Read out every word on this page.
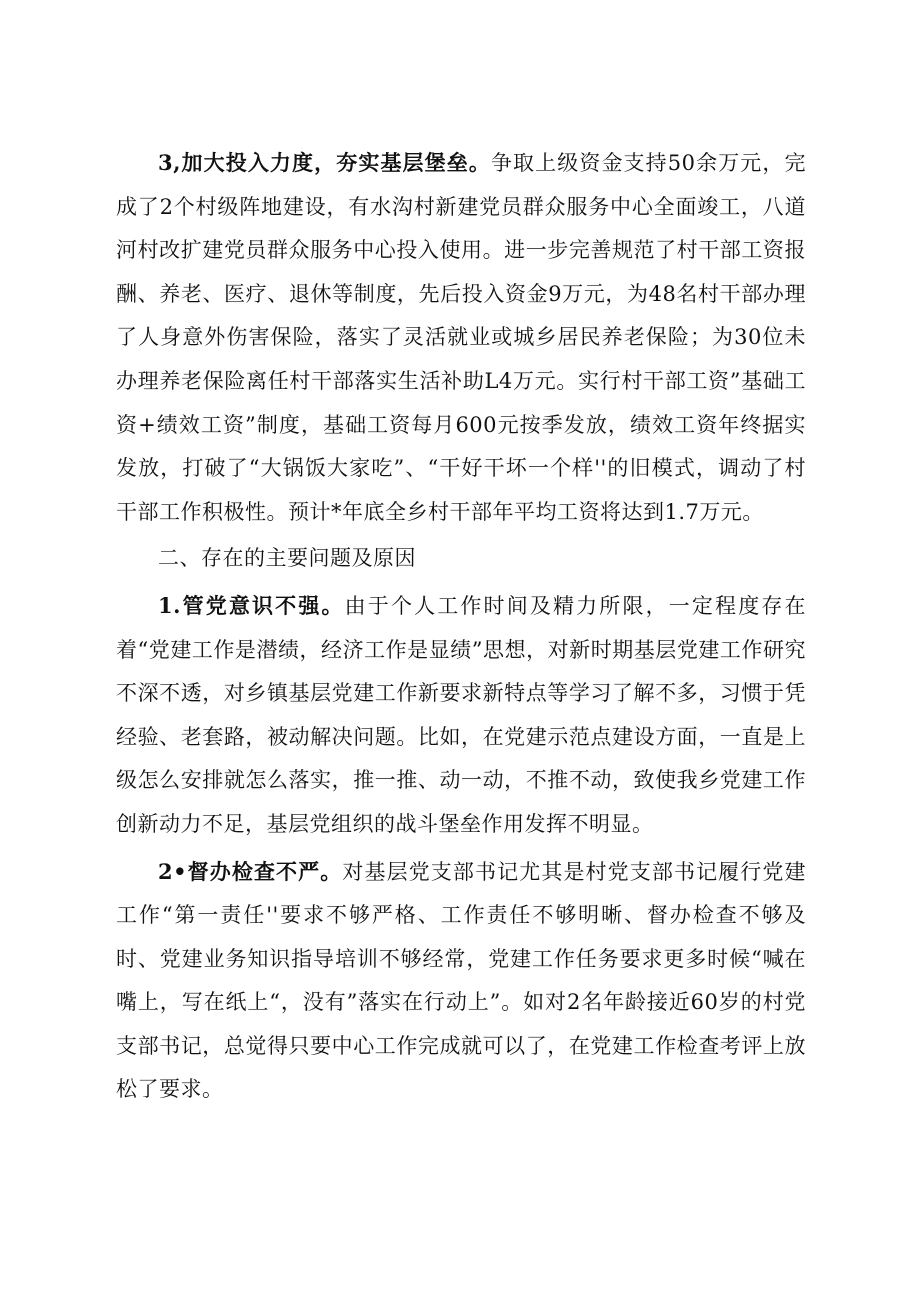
3,加大投入力度，夯实基层堡垒。争取上级资金支持50余万元，完成了2个村级阵地建设，有水沟村新建党员群众服务中心全面竣工，八道河村改扩建党员群众服务中心投入使用。进一步完善规范了村干部工资报酬、养老、医疗、退休等制度，先后投入资金9万元，为48名村干部办理了人身意外伤害保险，落实了灵活就业或城乡居民养老保险；为30位未办理养老保险离任村干部落实生活补助L4万元。实行村干部工资”基础工资+绩效工资”制度，基础工资每月600元按季发放，绩效工资年终据实发放，打破了“大锅饭大家吃”、“干好干坏一个样''的旧模式，调动了村干部工作积极性。预计*年底全乡村干部年平均工资将达到1.7万元。

二、存在的主要问题及原因

1.管党意识不强。由于个人工作时间及精力所限，一定程度存在着“党建工作是潜绩，经济工作是显绩”思想，对新时期基层党建工作研究不深不透，对乡镇基层党建工作新要求新特点等学习了解不多，习惯于凭经验、老套路，被动解决问题。比如，在党建示范点建设方面，一直是上级怎么安排就怎么落实，推一推、动一动，不推不动，致使我乡党建工作创新动力不足，基层党组织的战斗堡垒作用发挥不明显。

2•督办检查不严。对基层党支部书记尤其是村党支部书记履行党建工作“第一责任''要求不够严格、工作责任不够明晰、督办检查不够及时、党建业务知识指导培训不够经常，党建工作任务要求更多时候“喊在嘴上，写在纸上“，没有”落实在行动上”。如对2名年龄接近60岁的村党支部书记，总觉得只要中心工作完成就可以了，在党建工作检查考评上放松了要求。
